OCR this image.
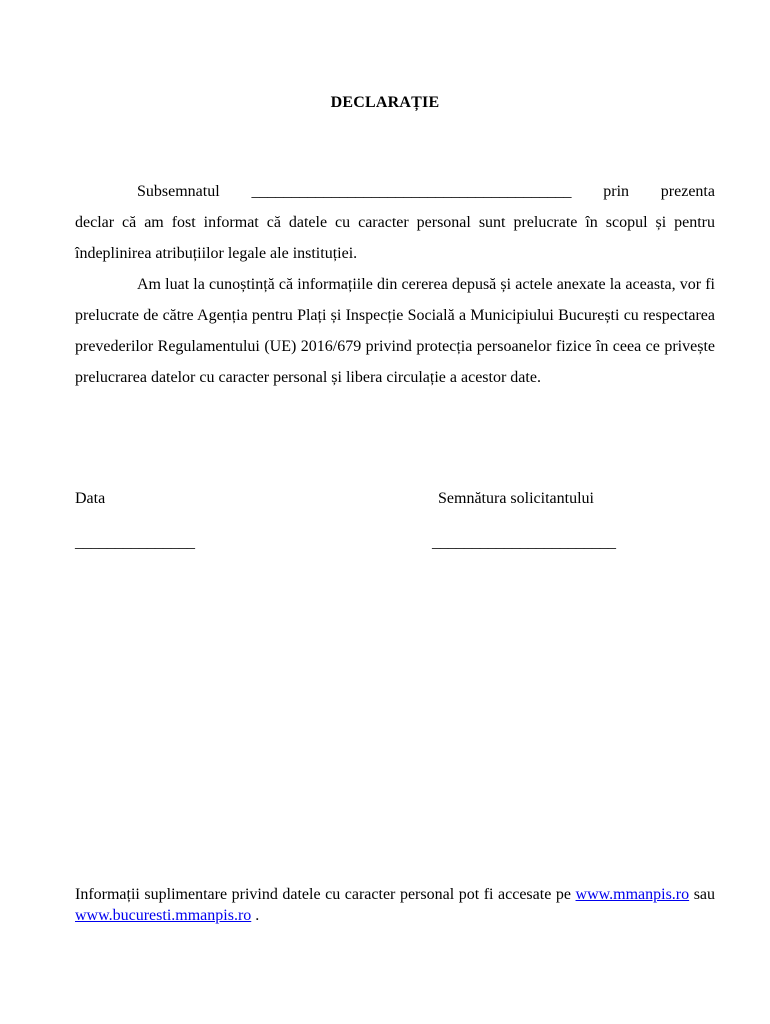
DECLARAȚIE
Subsemnatul ________________________________________ prin prezenta

declar că am fost informat că datele cu caracter personal sunt prelucrate în scopul și pentru îndeplinirea atribuțiilor legale ale instituției.

Am luat la cunoștință că informațiile din cererea depusă și actele anexate la aceasta, vor fi prelucrate de către Agenția pentru Plați și Inspecție Socială a Municipiului București cu respectarea prevederilor Regulamentului (UE) 2016/679 privind protecția persoanelor fizice în ceea ce privește prelucrarea datelor cu caracter personal și libera circulație a acestor date.

Data
_______________
Semnătura solicitantului
_______________________
Informații suplimentare privind datele cu caracter personal pot fi accesate pe www.mmanpis.ro sau www.bucuresti.mmanpis.ro .
